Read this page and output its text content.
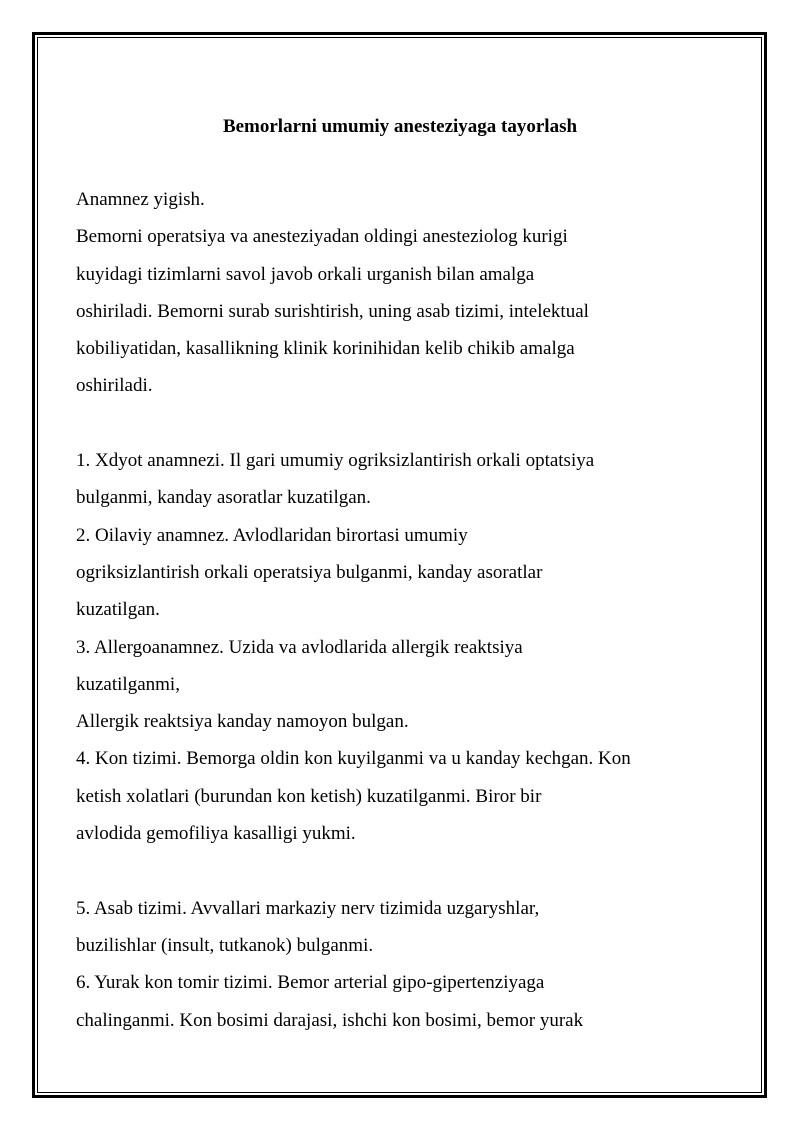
Bemorlarni umumiy anesteziyaga tayorlash
Anamnez yigish.
Bemorni operatsiya va anesteziyadan oldingi anesteziolog kurigi
kuyidagi tizimlarni savol javob orkali urganish bilan amalga
oshiriladi. Bemorni surab surishtirish, uning asab tizimi, intelektual
kobiliyatidan, kasallikning klinik korinihidan kelib chikib amalga
oshiriladi.
1. Xdyot anamnezi. Il gari umumiy ogriksizlantirish orkali optatsiya
bulganmi, kanday asoratlar kuzatilgan.
2. Oilaviy anamnez. Avlodlaridan birortasi umumiy
ogriksizlantirish orkali operatsiya bulganmi, kanday asoratlar
kuzatilgan.
3. Allergoanamnez. Uzida va avlodlarida allergik reaktsiya
kuzatilganmi,
Allergik reaktsiya kanday namoyon bulgan.
4. Kon tizimi. Bemorga oldin kon kuyilganmi va u kanday kechgan. Kon
ketish xolatlari (burundan kon ketish) kuzatilganmi. Biror bir
avlodida gemofiliya kasalligi yukmi.
5. Asab tizimi. Avvallari markaziy nerv tizimida uzgaryshlar,
buzilishlar (insult, tutkanok) bulganmi.
6. Yurak kon tomir tizimi. Bemor arterial gipo-gipertenziyaga
chalinganmi. Kon bosimi darajasi, ishchi kon bosimi, bemor yurak
